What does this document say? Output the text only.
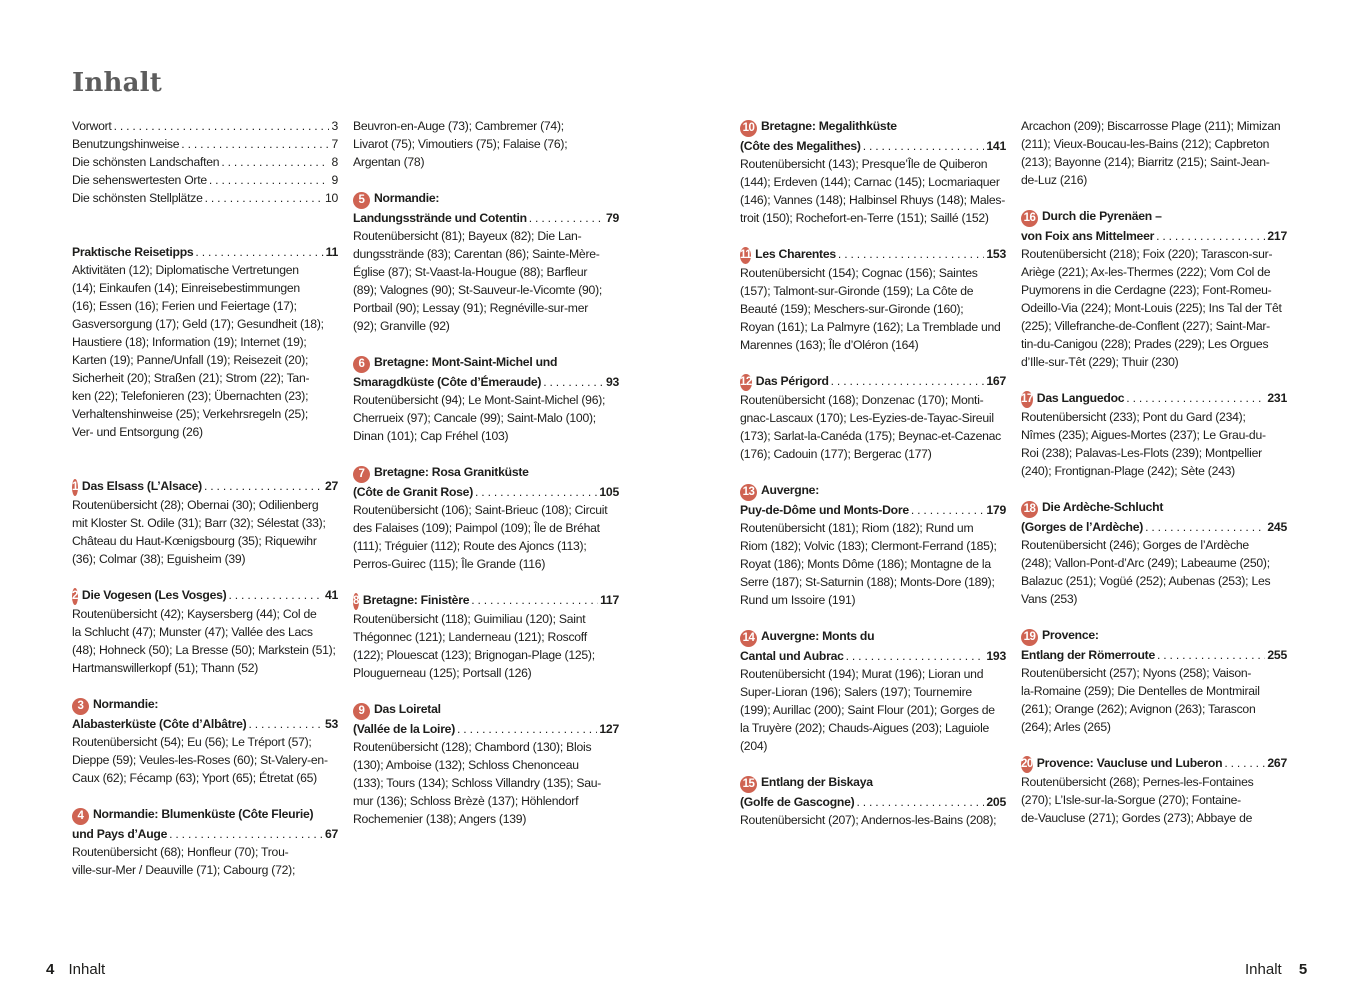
Inhalt
Vorwort . . .	3
Benutzungshinweise . . .	7
Die schönsten Landschaften . . .	8
Die sehenswertesten Orte . . .	9
Die schönsten Stellplätze . . .	10
Praktische Reisetipps . . .	11
Aktivitäten (12); Diplomatische Vertretungen
(14); Einkaufen (14); Einreisebestimmungen
(16); Essen (16); Ferien und Feiertage (17);
Gasversorgung (17); Geld (17); Gesundheit (18);
Haustiere (18); Information (19); Internet (19);
Karten (19); Panne/Unfall (19); Reisezeit (20);
Sicherheit (20); Straßen (21); Strom (22); Tan-
ken (22); Telefonieren (23); Übernachten (23);
Verhaltenshinweise (25); Verkehrsregeln (25);
Ver- und Entsorgung (26)
1 Das Elsass (L’Alsace) . . .	27
Routenübersicht (28); Obernai (30); Odilienberg
mit Kloster St. Odile (31); Barr (32); Sélestat (33);
Château du Haut-Kœnigsbourg (35); Riquewihr
(36); Colmar (38); Eguisheim (39)
2 Die Vogesen (Les Vosges) . . .	41
Routenübersicht (42); Kaysersberg (44); Col de
la Schlucht (47); Munster (47); Vallée des Lacs
(48); Hohneck (50); La Bresse (50); Markstein (51);
Hartmanswillerkopf (51); Thann (52)
3 Normandie:
Alabasterküste (Côte d’Albâtre) . . .	53
Routenübersicht (54); Eu (56); Le Tréport (57);
Dieppe (59); Veules-les-Roses (60); St-Valery-en-
Caux (62); Fécamp (63); Yport (65); Étretat (65)
4 Normandie: Blumenküste (Côte Fleurie)
und Pays d’Auge . . .	67
Routenübersicht (68); Honfleur (70); Trou-
ville-sur-Mer / Deauville (71); Cabourg (72);
Beuvron-en-Auge (73); Cambremer (74);
Livarot (75); Vimoutiers (75); Falaise (76);
Argentan (78)
5 Normandie:
Landungsstrände und Cotentin . . .	79
Routenübersicht (81); Bayeux (82); Die Lan-
dungsstrände (83); Carentan (86); Sainte-Mère-
Église (87); St-Vaast-la-Hougue (88); Barfleur
(89); Valognes (90); St-Sauveur-le-Vicomte (90);
Portbail (90); Lessay (91); Regnéville-sur-mer
(92); Granville (92)
6 Bretagne: Mont-Saint-Michel und
Smaragdküste (Côte d’Émeraude) . . .	93
Routenübersicht (94); Le Mont-Saint-Michel (96);
Cherrueix (97); Cancale (99); Saint-Malo (100);
Dinan (101); Cap Fréhel (103)
7 Bretagne: Rosa Granitküste
(Côte de Granit Rose) . . .	105
Routenübersicht (106); Saint-Brieuc (108); Circuit
des Falaises (109); Paimpol (109); Île de Bréhat
(111); Tréguier (112); Route des Ajoncs (113);
Perros-Guirec (115); Île Grande (116)
8 Bretagne: Finistère . . .	117
Routenübersicht (118); Guimiliau (120); Saint
Thégonnec (121); Landerneau (121); Roscoff
(122); Plouescat (123); Brignogan-Plage (125);
Plouguerneau (125); Portsall (126)
9 Das Loiretal
(Vallée de la Loire) . . .	127
Routenübersicht (128); Chambord (130); Blois
(130); Amboise (132); Schloss Chenonceau
(133); Tours (134); Schloss Villandry (135); Sau-
mur (136); Schloss Brèzè (137); Höhlendorf
Rochemenier (138); Angers (139)
10 Bretagne: Megalithküste
(Côte des Megalithes) . . .	141
Routenübersicht (143); Presque’Île de Quiberon
(144); Erdeven (144); Carnac (145); Locmariaquer
(146); Vannes (148); Halbinsel Rhuys (148); Males-
troit (150); Rochefort-en-Terre (151); Saillé (152)
11 Les Charentes . . .	153
Routenübersicht (154); Cognac (156); Saintes
(157); Talmont-sur-Gironde (159); La Côte de
Beauté (159); Meschers-sur-Gironde (160);
Royan (161); La Palmyre (162); La Tremblade und
Marennes (163); Île d’Oléron (164)
12 Das Périgord . . .	167
Routenübersicht (168); Donzenac (170); Monti-
gnac-Lascaux (170); Les-Eyzies-de-Tayac-Sireuil
(173); Sarlat-la-Canéda (175); Beynac-et-Cazenac
(176); Cadouin (177); Bergerac (177)
13 Auvergne:
Puy-de-Dôme und Monts-Dore . . .	179
Routenübersicht (181); Riom (182); Rund um
Riom (182); Volvic (183); Clermont-Ferrand (185);
Royat (186); Monts Dôme (186); Montagne de la
Serre (187); St-Saturnin (188); Monts-Dore (189);
Rund um Issoire (191)
14 Auvergne: Monts du
Cantal und Aubrac . . .	193
Routenübersicht (194); Murat (196); Lioran und
Super-Lioran (196); Salers (197); Tournemire
(199); Aurillac (200); Saint Flour (201); Gorges de
la Truyère (202); Chauds-Aigues (203); Laguiole
(204)
15 Entlang der Biskaya
(Golfe de Gascogne) . . .	205
Routenübersicht (207); Andernos-les-Bains (208);
Arcachon (209); Biscarrosse Plage (211); Mimizan
(211); Vieux-Boucau-les-Bains (212); Capbreton
(213); Bayonne (214); Biarritz (215); Saint-Jean-
de-Luz (216)
16 Durch die Pyrenäen –
von Foix ans Mittelmeer . . .	217
Routenübersicht (218); Foix (220); Tarascon-sur-
Ariège (221); Ax-les-Thermes (222); Vom Col de
Puymorens in die Cerdagne (223); Font-Romeu-
Odeillo-Via (224); Mont-Louis (225); Ins Tal der Têt
(225); Villefranche-de-Conflent (227); Saint-Mar-
tin-du-Canigou (228); Prades (229); Les Orgues
d’Ille-sur-Têt (229); Thuir (230)
17 Das Languedoc . . .	231
Routenübersicht (233); Pont du Gard (234);
Nîmes (235); Aigues-Mortes (237); Le Grau-du-
Roi (238); Palavas-Les-Flots (239); Montpellier
(240); Frontignan-Plage (242); Sète (243)
18 Die Ardèche-Schlucht
(Gorges de l’Ardèche) . . .	245
Routenübersicht (246); Gorges de l’Ardèche
(248); Vallon-Pont-d’Arc (249); Labeaume (250);
Balazuc (251); Vogüé (252); Aubenas (253); Les
Vans (253)
19 Provence:
Entlang der Römerroute . . .	255
Routenübersicht (257); Nyons (258); Vaison-
la-Romaine (259); Die Dentelles de Montmirail
(261); Orange (262); Avignon (263); Tarascon
(264); Arles (265)
20 Provence: Vaucluse und Luberon . . .	267
Routenübersicht (268); Pernes-les-Fontaines
(270); L’Isle-sur-la-Sorgue (270); Fontaine-
de-Vaucluse (271); Gordes (273); Abbaye de
4 Inhalt	Inhalt 5
